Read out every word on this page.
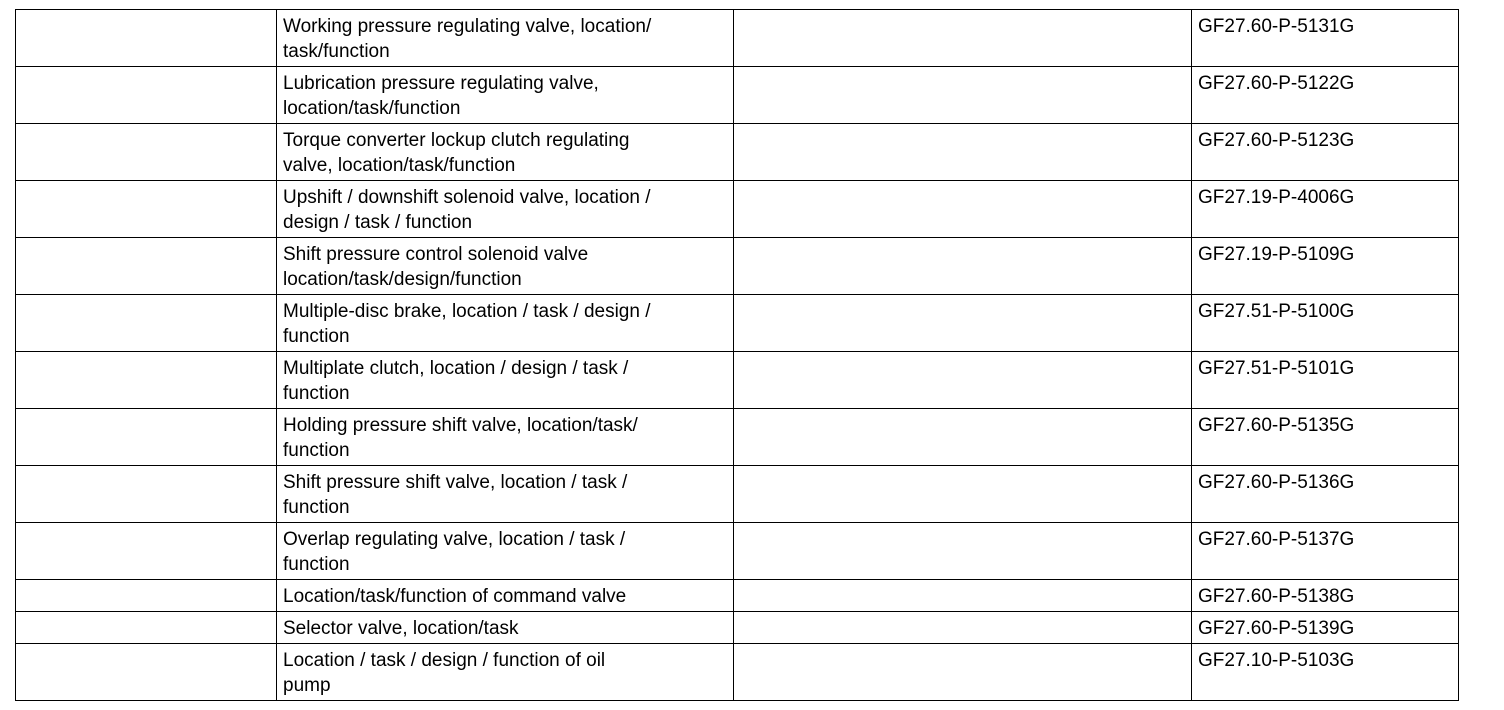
	Working pressure regulating valve, location/
task/function		GF27.60-P-5131G
	Lubrication pressure regulating valve,
location/task/function		GF27.60-P-5122G
	Torque converter lockup clutch regulating
valve, location/task/function		GF27.60-P-5123G
	Upshift / downshift solenoid valve, location /
design / task / function		GF27.19-P-4006G
	Shift pressure control solenoid valve
location/task/design/function		GF27.19-P-5109G
	Multiple-disc brake, location / task / design /
function		GF27.51-P-5100G
	Multiplate clutch, location / design / task /
function		GF27.51-P-5101G
	Holding pressure shift valve, location/task/
function		GF27.60-P-5135G
	Shift pressure shift valve, location / task /
function		GF27.60-P-5136G
	Overlap regulating valve, location / task /
function		GF27.60-P-5137G
	Location/task/function of command valve		GF27.60-P-5138G
	Selector valve, location/task		GF27.60-P-5139G
	Location / task / design / function of oil
pump		GF27.10-P-5103G
